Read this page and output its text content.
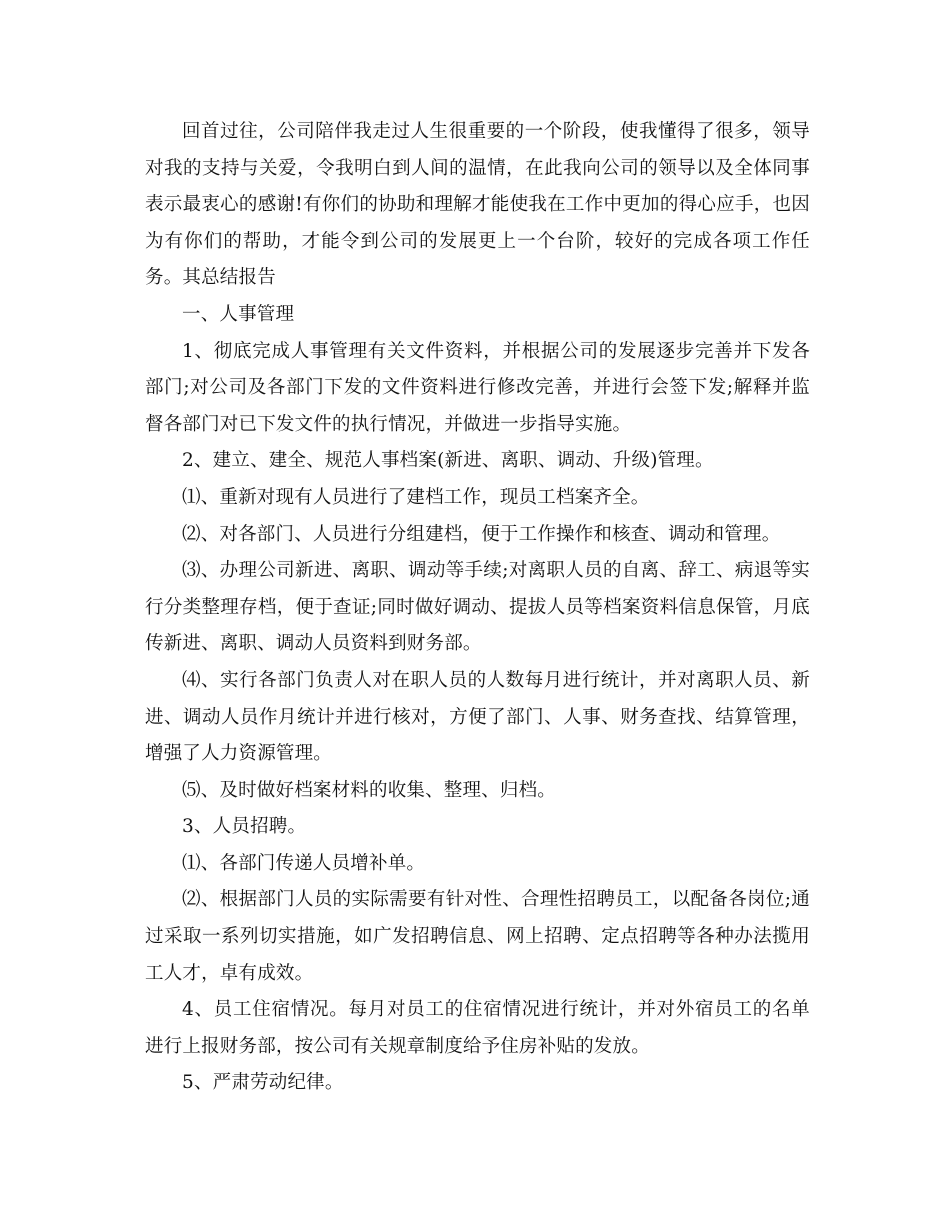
回首过往，公司陪伴我走过人生很重要的一个阶段，使我懂得了很多，领导对我的支持与关爱，令我明白到人间的温情，在此我向公司的领导以及全体同事表示最衷心的感谢!有你们的协助和理解才能使我在工作中更加的得心应手，也因为有你们的帮助，才能令到公司的发展更上一个台阶，较好的完成各项工作任务。其总结报告

一、人事管理

1、彻底完成人事管理有关文件资料，并根据公司的发展逐步完善并下发各部门;对公司及各部门下发的文件资料进行修改完善，并进行会签下发;解释并监督各部门对已下发文件的执行情况，并做进一步指导实施。

2、建立、建全、规范人事档案(新进、离职、调动、升级)管理。

⑴、重新对现有人员进行了建档工作，现员工档案齐全。

⑵、对各部门、人员进行分组建档，便于工作操作和核查、调动和管理。

⑶、办理公司新进、离职、调动等手续;对离职人员的自离、辞工、病退等实行分类整理存档，便于查证;同时做好调动、提拔人员等档案资料信息保管，月底传新进、离职、调动人员资料到财务部。

⑷、实行各部门负责人对在职人员的人数每月进行统计，并对离职人员、新进、调动人员作月统计并进行核对，方便了部门、人事、财务查找、结算管理，增强了人力资源管理。

⑸、及时做好档案材料的收集、整理、归档。

3、人员招聘。

⑴、各部门传递人员增补单。

⑵、根据部门人员的实际需要有针对性、合理性招聘员工，以配备各岗位;通过采取一系列切实措施，如广发招聘信息、网上招聘、定点招聘等各种办法揽用工人才，卓有成效。

4、员工住宿情况。每月对员工的住宿情况进行统计，并对外宿员工的名单进行上报财务部，按公司有关规章制度给予住房补贴的发放。

5、严肃劳动纪律。
